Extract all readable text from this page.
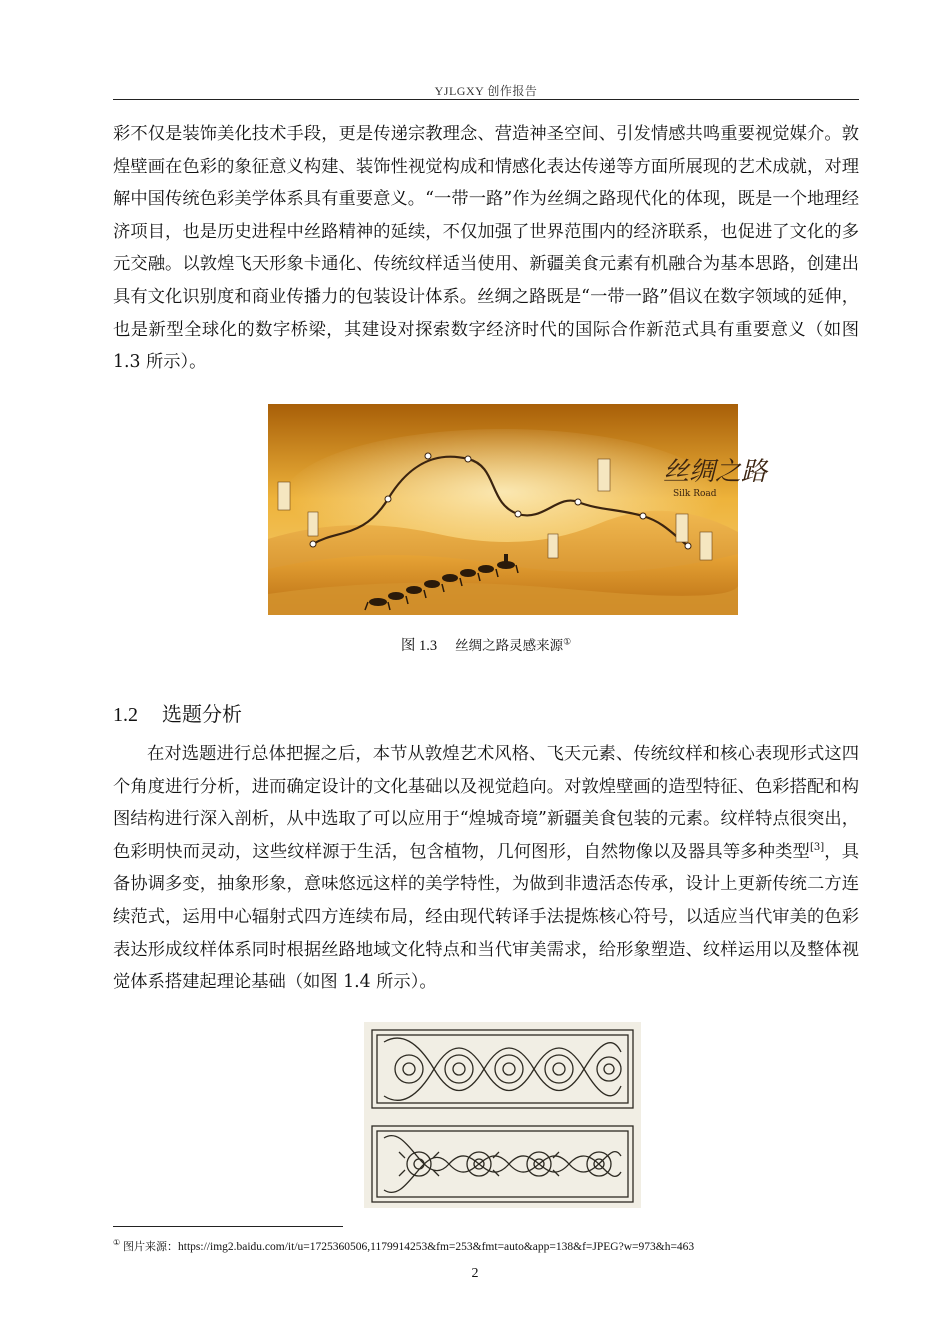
YJLGXY 创作报告

彩不仅是装饰美化技术手段，更是传递宗教理念、营造神圣空间、引发情感共鸣重要视觉媒介。敦煌壁画在色彩的象征意义构建、装饰性视觉构成和情感化表达传递等方面所展现的艺术成就，对理解中国传统色彩美学体系具有重要意义。“一带一路”作为丝绸之路现代化的体现，既是一个地理经济项目，也是历史进程中丝路精神的延续，不仅加强了世界范围内的经济联系，也促进了文化的多元交融。以敦煌飞天形象卡通化、传统纹样适当使用、新疆美食元素有机融合为基本思路，创建出具有文化识别度和商业传播力的包装设计体系。丝绸之路既是“一带一路”倡议在数字领域的延伸，也是新型全球化的数字桥梁，其建设对探索数字经济时代的国际合作新范式具有重要意义（如图 1.3 所示）。

丝绸之路
Silk Road
图 1.3 丝绸之路灵感来源①
1.2 选题分析

在对选题进行总体把握之后，本节从敦煌艺术风格、飞天元素、传统纹样和核心表现形式这四个角度进行分析，进而确定设计的文化基础以及视觉趋向。对敦煌壁画的造型特征、色彩搭配和构图结构进行深入剖析，从中选取了可以应用于“煌城奇境”新疆美食包装的元素。纹样特点很突出，色彩明快而灵动，这些纹样源于生活，包含植物，几何图形，自然物像以及器具等多种类型[3]，具备协调多变，抽象形象，意味悠远这样的美学特性，为做到非遗活态传承，设计上更新传统二方连续范式，运用中心辐射式四方连续布局，经由现代转译手法提炼核心符号，以适应当代审美的色彩表达形成纹样体系同时根据丝路地域文化特点和当代审美需求，给形象塑造、纹样运用以及整体视觉体系搭建起理论基础（如图 1.4 所示）。

① 图片来源：https://img2.baidu.com/it/u=1725360506,1179914253&fm=253&fmt=auto&app=138&f=JPEG?w=973&h=463
2
